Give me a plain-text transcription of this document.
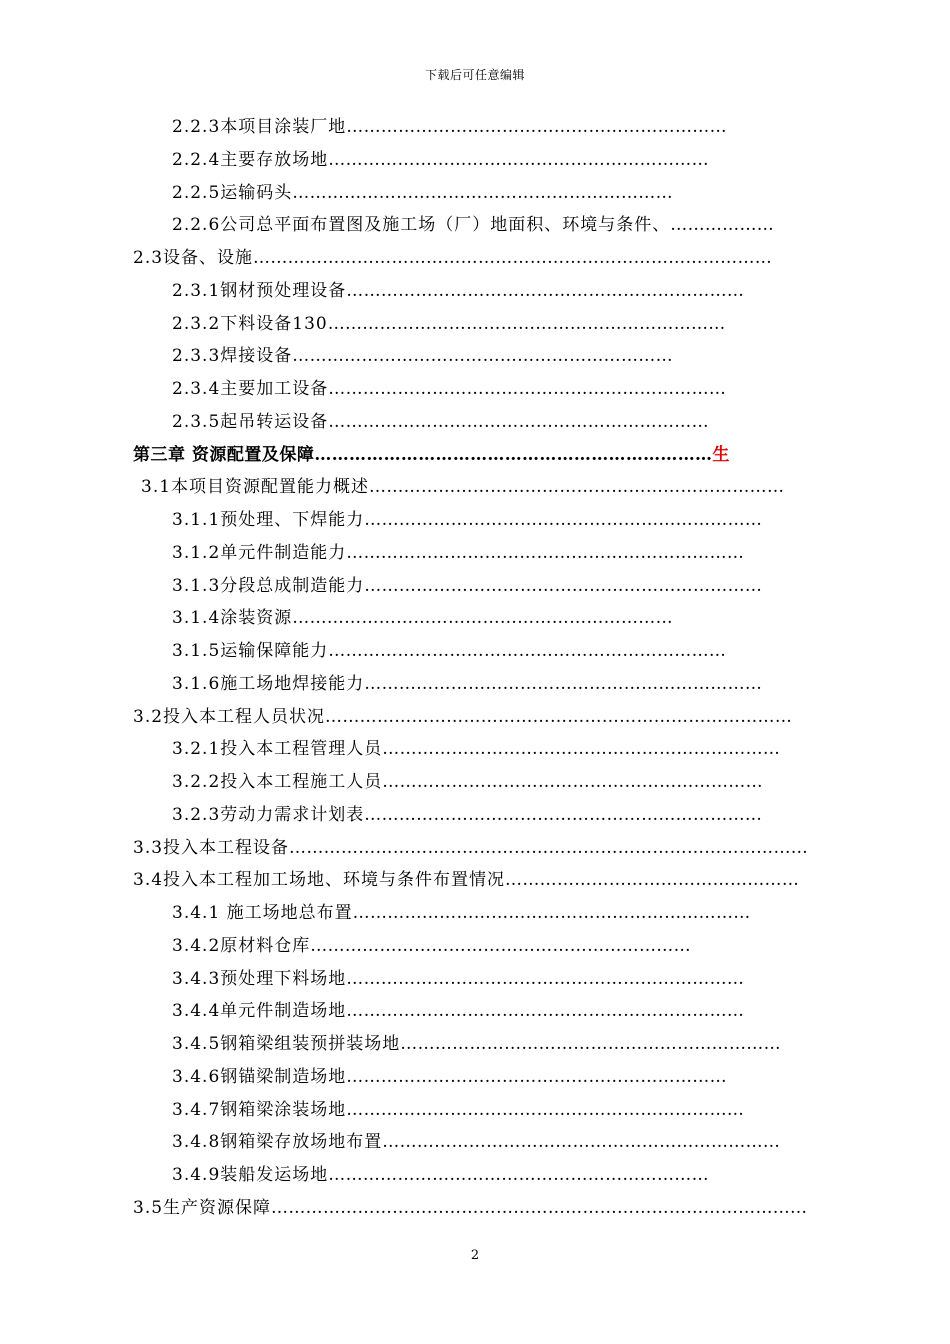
下载后可任意编辑
2.2.3本项目涂装厂地…………………………………………………………
2.2.4主要存放场地…………………………………………………………
2.2.5运输码头…………………………………………………………
2.2.6公司总平面布置图及施工场（厂）地面积、环境与条件、………………
2.3设备、设施………………………………………………………………………………
2.3.1钢材预处理设备……………………………………………………………
2.3.2下料设备130……………………………………………………………
2.3.3焊接设备…………………………………………………………
2.3.4主要加工设备……………………………………………………………
2.3.5起吊转运设备…………………………………………………………
第三章 资源配置及保障……………………………………………………………生
3.1本项目资源配置能力概述………………………………………………………………
3.1.1预处理、下焊能力……………………………………………………………
3.1.2单元件制造能力……………………………………………………………
3.1.3分段总成制造能力……………………………………………………………
3.1.4涂装资源…………………………………………………………
3.1.5运输保障能力……………………………………………………………
3.1.6施工场地焊接能力……………………………………………………………
3.2投入本工程人员状况………………………………………………………………………
3.2.1投入本工程管理人员……………………………………………………………
3.2.2投入本工程施工人员…………………………………………………………
3.2.3劳动力需求计划表……………………………………………………………
3.3投入本工程设备………………………………………………………………………………
3.4投入本工程加工场地、环境与条件布置情况……………………………………………
3.4.1 施工场地总布置……………………………………………………………
3.4.2原材料仓库…………………………………………………………
3.4.3预处理下料场地……………………………………………………………
3.4.4单元件制造场地……………………………………………………………
3.4.5钢箱梁组装预拼装场地…………………………………………………………
3.4.6钢锚梁制造场地…………………………………………………………
3.4.7钢箱梁涂装场地……………………………………………………………
3.4.8钢箱梁存放场地布置……………………………………………………………
3.4.9装船发运场地…………………………………………………………
3.5生产资源保障…………………………………………………………………………………
2
